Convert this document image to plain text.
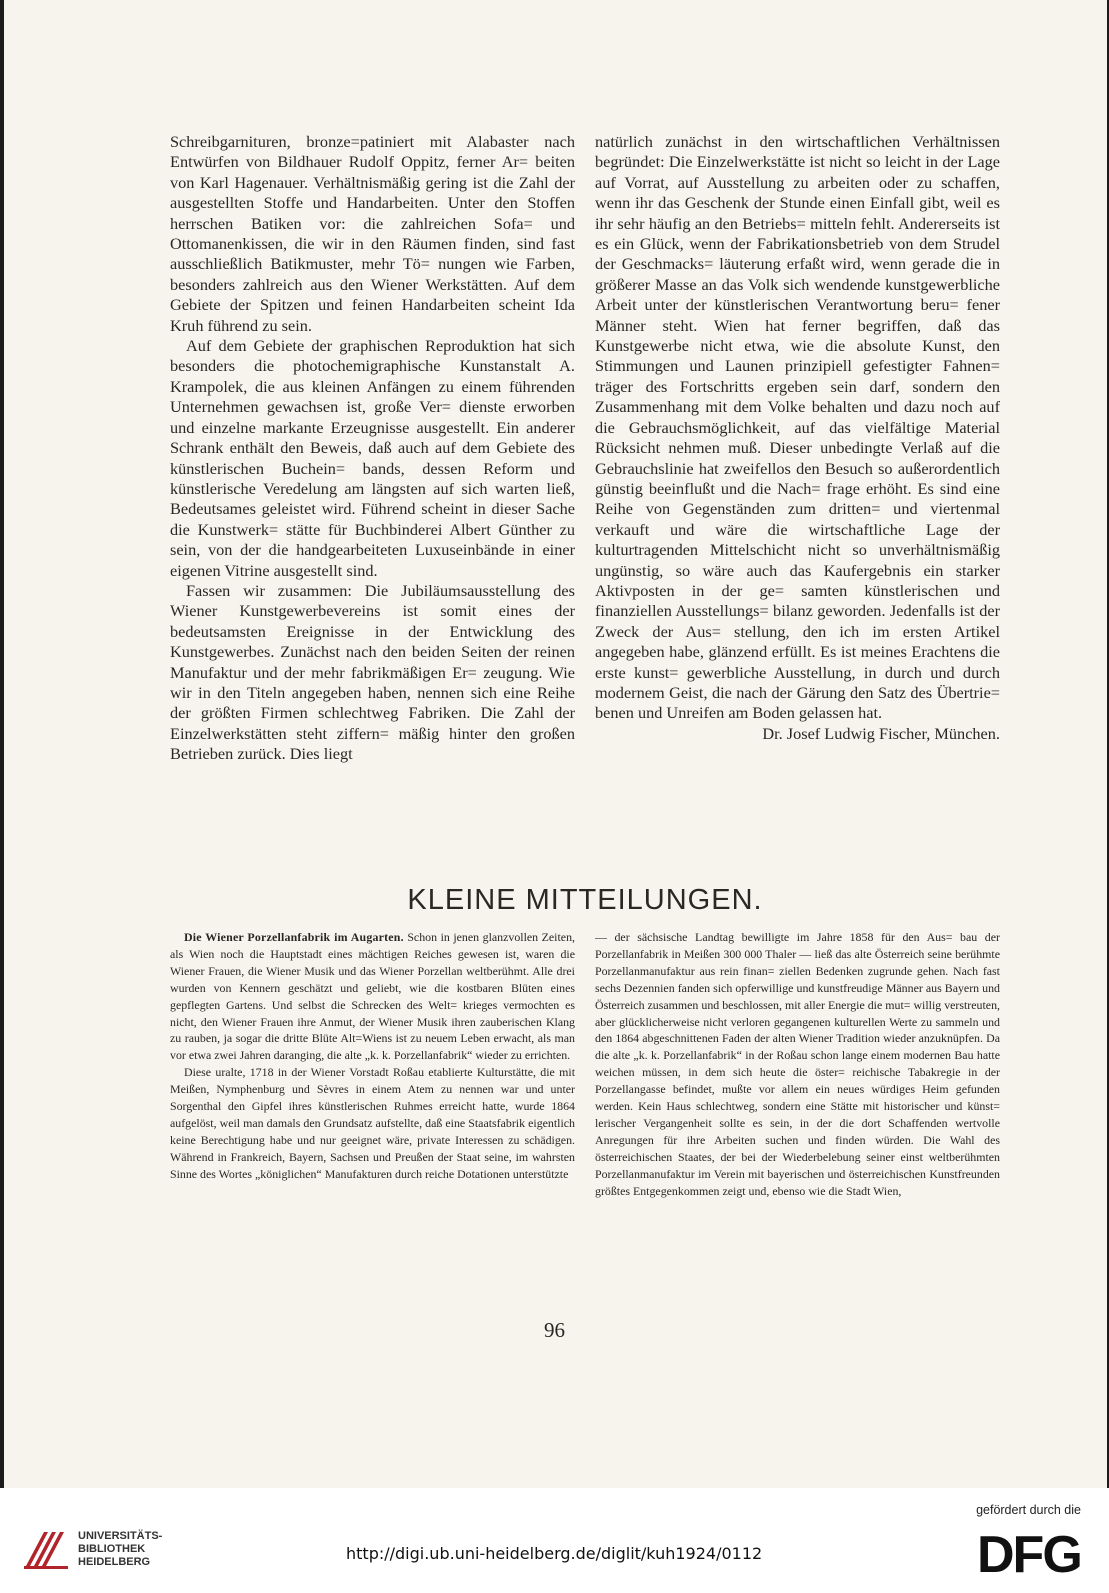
Schreibgarnituren, bronze=patiniert mit Alabaster nach Entwürfen von Bildhauer Rudolf Oppitz, ferner Ar= beiten von Karl Hagenauer. Verhältnismäßig gering ist die Zahl der ausgestellten Stoffe und Handarbeiten. Unter den Stoffen herrschen Batiken vor: die zahlreichen Sofa= und Ottomanenkissen, die wir in den Räumen finden, sind fast ausschließlich Batikmuster, mehr Tö= nungen wie Farben, besonders zahlreich aus den Wiener Werkstätten. Auf dem Gebiete der Spitzen und feinen Handarbeiten scheint Ida Kruh führend zu sein.

Auf dem Gebiete der graphischen Reproduktion hat sich besonders die photochemigraphische Kunstanstalt A. Krampolek, die aus kleinen Anfängen zu einem führenden Unternehmen gewachsen ist, große Ver= dienste erworben und einzelne markante Erzeugnisse ausgestellt. Ein anderer Schrank enthält den Beweis, daß auch auf dem Gebiete des künstlerischen Buchein= bands, dessen Reform und künstlerische Veredelung am längsten auf sich warten ließ, Bedeutsames geleistet wird. Führend scheint in dieser Sache die Kunstwerk= stätte für Buchbinderei Albert Günther zu sein, von der die handgearbeiteten Luxuseinbände in einer eigenen Vitrine ausgestellt sind.

Fassen wir zusammen: Die Jubiläumsausstellung des Wiener Kunstgewerbevereins ist somit eines der bedeutsamsten Ereignisse in der Entwicklung des Kunstgewerbes. Zunächst nach den beiden Seiten der reinen Manufaktur und der mehr fabrikmäßigen Er= zeugung. Wie wir in den Titeln angegeben haben, nennen sich eine Reihe der größten Firmen schlechtweg Fabriken. Die Zahl der Einzelwerkstätten steht ziffern= mäßig hinter den großen Betrieben zurück. Dies liegt

natürlich zunächst in den wirtschaftlichen Verhältnissen begründet: Die Einzelwerkstätte ist nicht so leicht in der Lage auf Vorrat, auf Ausstellung zu arbeiten oder zu schaffen, wenn ihr das Geschenk der Stunde einen Einfall gibt, weil es ihr sehr häufig an den Betriebs= mitteln fehlt. Andererseits ist es ein Glück, wenn der Fabrikationsbetrieb von dem Strudel der Geschmacks= läuterung erfaßt wird, wenn gerade die in größerer Masse an das Volk sich wendende kunstgewerbliche Arbeit unter der künstlerischen Verantwortung beru= fener Männer steht. Wien hat ferner begriffen, daß das Kunstgewerbe nicht etwa, wie die absolute Kunst, den Stimmungen und Launen prinzipiell gefestigter Fahnen= träger des Fortschritts ergeben sein darf, sondern den Zusammenhang mit dem Volke behalten und dazu noch auf die Gebrauchsmöglichkeit, auf das vielfältige Material Rücksicht nehmen muß. Dieser unbedingte Verlaß auf die Gebrauchslinie hat zweifellos den Besuch so außerordentlich günstig beeinflußt und die Nach= frage erhöht. Es sind eine Reihe von Gegenständen zum dritten= und viertenmal verkauft und wäre die wirtschaftliche Lage der kulturtragenden Mittelschicht nicht so unverhältnismäßig ungünstig, so wäre auch das Kaufergebnis ein starker Aktivposten in der ge= samten künstlerischen und finanziellen Ausstellungs= bilanz geworden. Jedenfalls ist der Zweck der Aus= stellung, den ich im ersten Artikel angegeben habe, glänzend erfüllt. Es ist meines Erachtens die erste kunst= gewerbliche Ausstellung, in durch und durch modernem Geist, die nach der Gärung den Satz des Übertrie= benen und Unreifen am Boden gelassen hat.

Dr. Josef Ludwig Fischer, München.

KLEINE MITTEILUNGEN.

Die Wiener Porzellanfabrik im Augarten. Schon in jenen glanzvollen Zeiten, als Wien noch die Hauptstadt eines mächtigen Reiches gewesen ist, waren die Wiener Frauen, die Wiener Musik und das Wiener Porzellan weltberühmt. Alle drei wurden von Kennern geschätzt und geliebt, wie die kostbaren Blüten eines gepflegten Gartens. Und selbst die Schrecken des Welt= krieges vermochten es nicht, den Wiener Frauen ihre Anmut, der Wiener Musik ihren zauberischen Klang zu rauben, ja sogar die dritte Blüte Alt=Wiens ist zu neuem Leben erwacht, als man vor etwa zwei Jahren daranging, die alte „k. k. Porzellanfabrik“ wieder zu errichten.

Diese uralte, 1718 in der Wiener Vorstadt Roßau etablierte Kulturstätte, die mit Meißen, Nymphenburg und Sèvres in einem Atem zu nennen war und unter Sorgenthal den Gipfel ihres künstlerischen Ruhmes erreicht hatte, wurde 1864 aufgelöst, weil man damals den Grundsatz aufstellte, daß eine Staatsfabrik eigentlich keine Berechtigung habe und nur geeignet wäre, private Interessen zu schädigen. Während in Frankreich, Bayern, Sachsen und Preußen der Staat seine, im wahrsten Sinne des Wortes „königlichen“ Manufakturen durch reiche Dotationen unterstützte

— der sächsische Landtag bewilligte im Jahre 1858 für den Aus= bau der Porzellanfabrik in Meißen 300 000 Thaler — ließ das alte Österreich seine berühmte Porzellanmanufaktur aus rein finan= ziellen Bedenken zugrunde gehen. Nach fast sechs Dezennien fanden sich opferwillige und kunstfreudige Männer aus Bayern und Österreich zusammen und beschlossen, mit aller Energie die mut= willig verstreuten, aber glücklicherweise nicht verloren gegangenen kulturellen Werte zu sammeln und den 1864 abgeschnittenen Faden der alten Wiener Tradition wieder anzuknüpfen. Da die alte „k. k. Porzellanfabrik“ in der Roßau schon lange einem modernen Bau hatte weichen müssen, in dem sich heute die öster= reichische Tabakregie in der Porzellangasse befindet, mußte vor allem ein neues würdiges Heim gefunden werden. Kein Haus schlechtweg, sondern eine Stätte mit historischer und künst= lerischer Vergangenheit sollte es sein, in der die dort Schaffenden wertvolle Anregungen für ihre Arbeiten suchen und finden würden. Die Wahl des österreichischen Staates, der bei der Wiederbelebung seiner einst weltberühmten Porzellanmanufaktur im Verein mit bayerischen und österreichischen Kunstfreunden größtes Entgegenkommen zeigt und, ebenso wie die Stadt Wien,

96
UNIVERSITÄTS-
BIBLIOTHEK
HEIDELBERG	http://digi.ub.uni-heidelberg.de/diglit/kuh1924/0112
gefördert durch die
DFG
